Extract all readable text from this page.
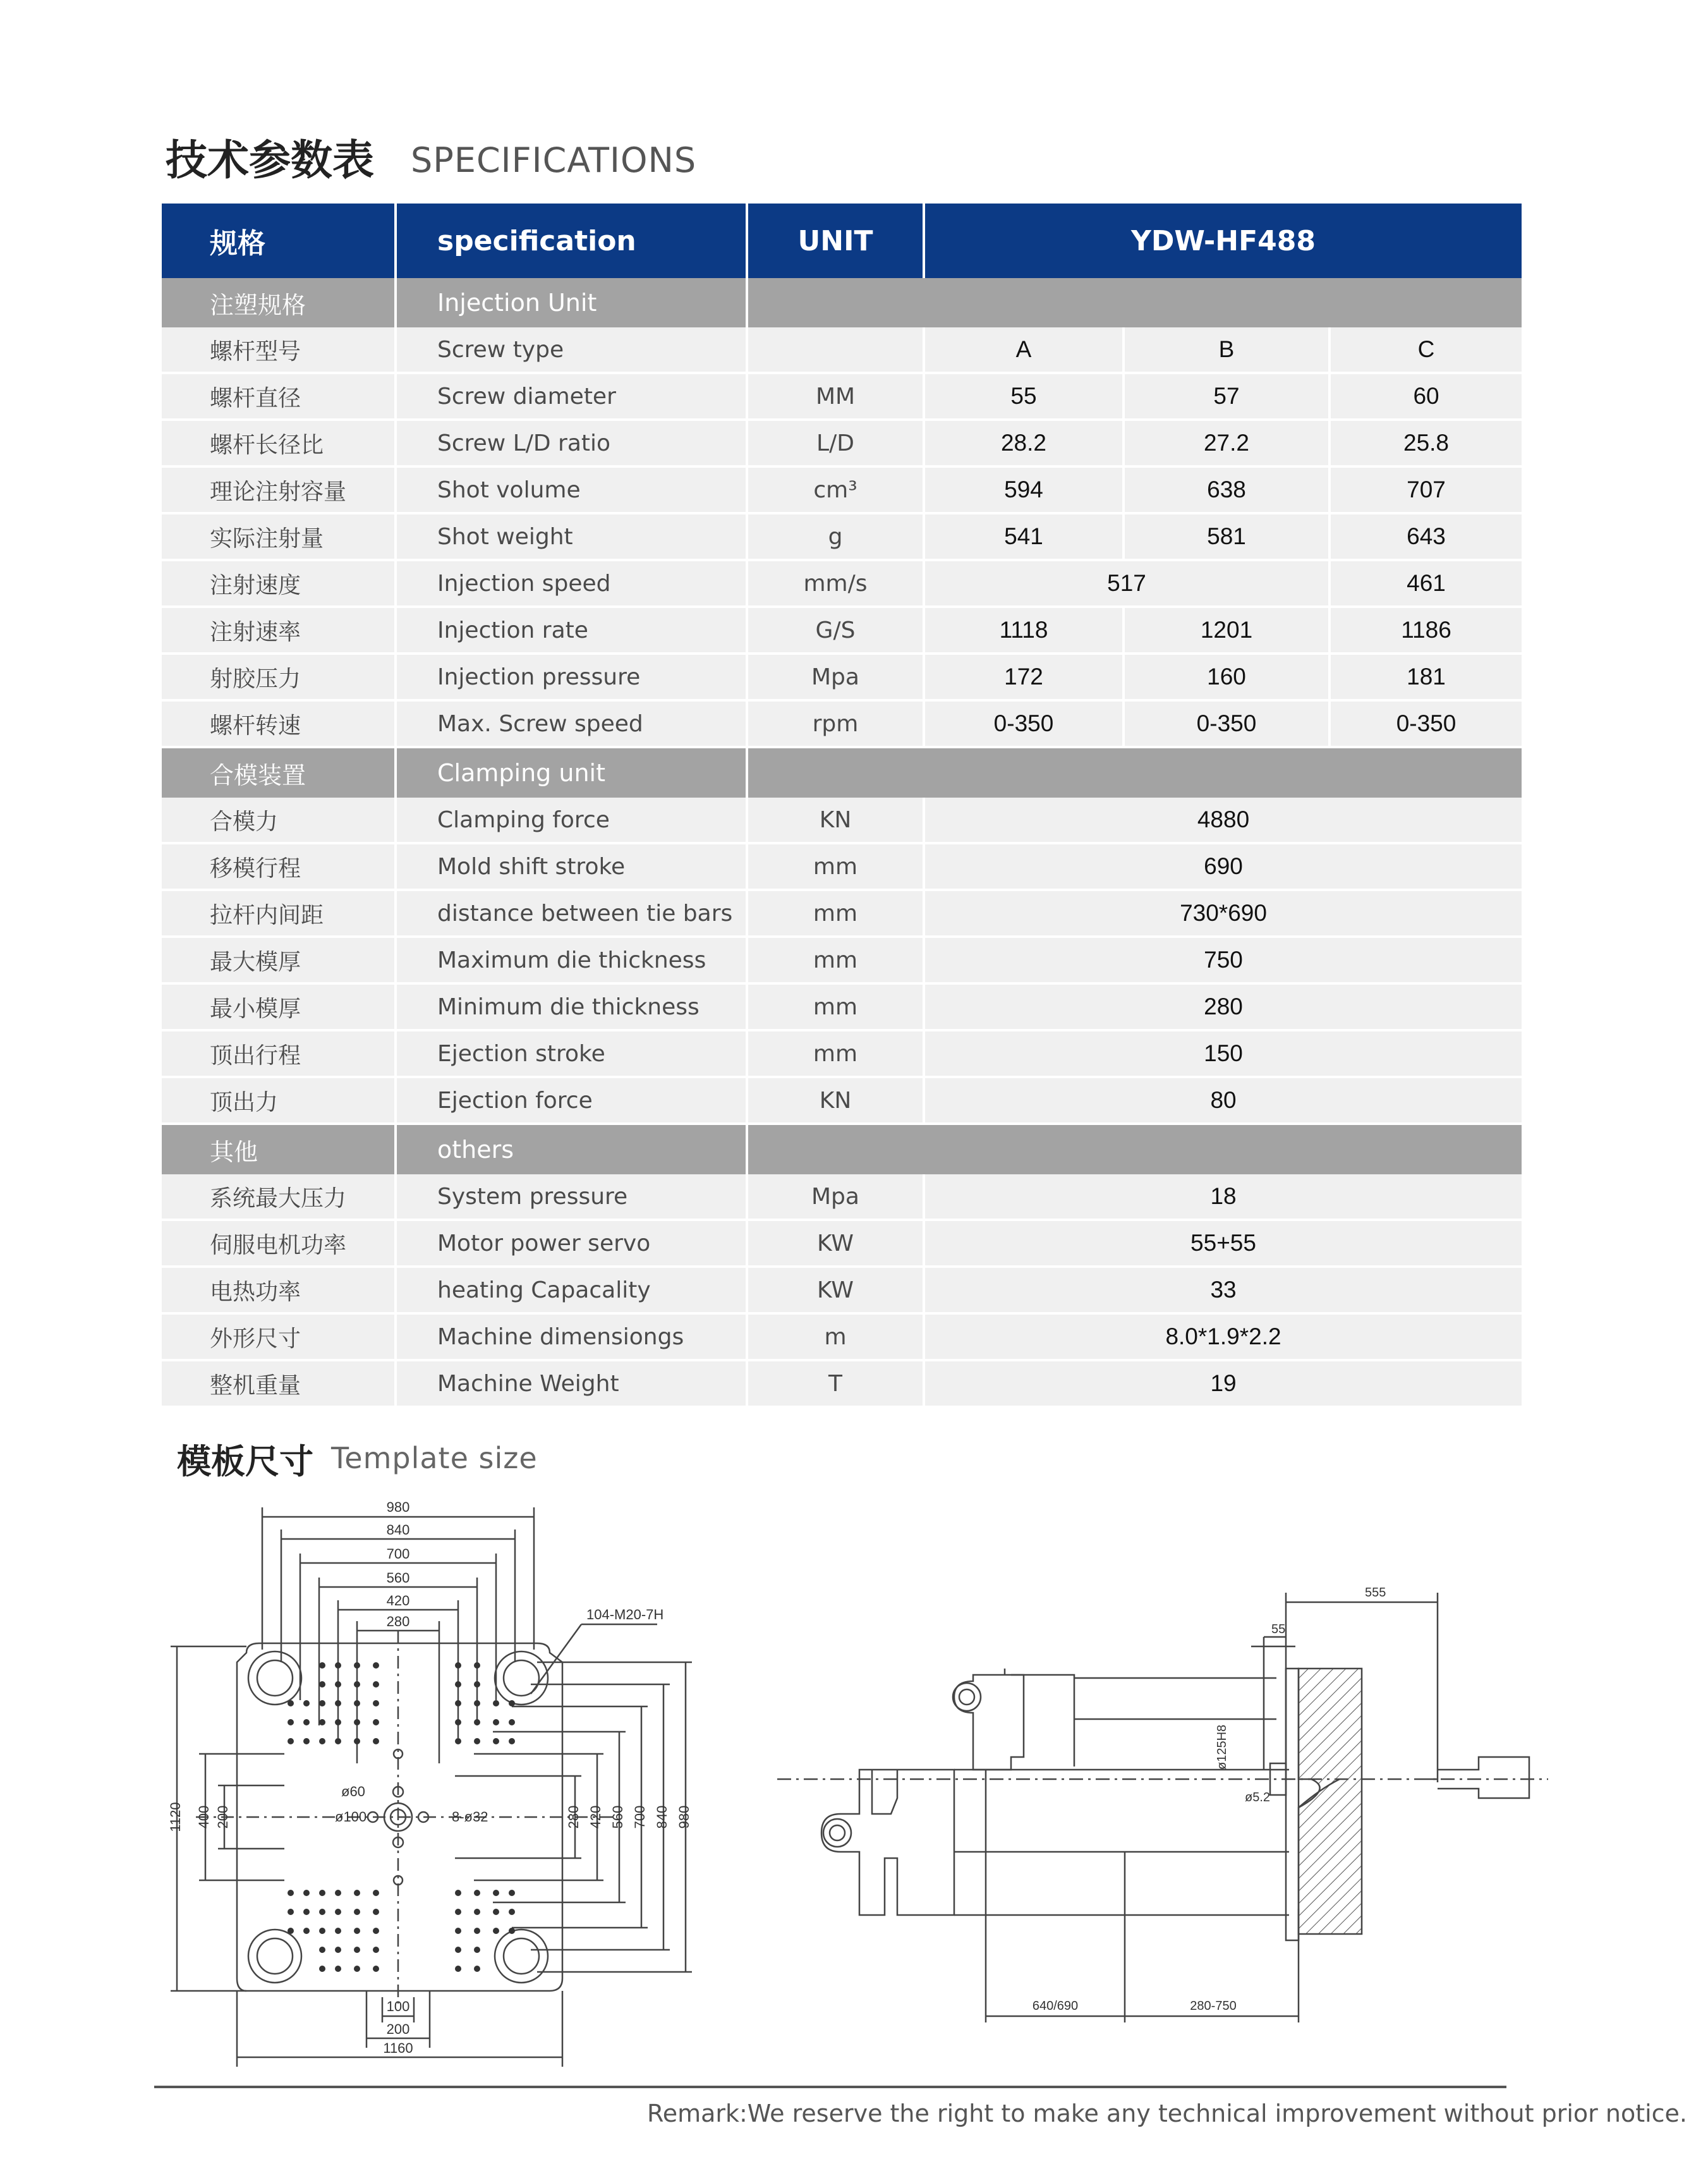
技术参数表 SPECIFICATIONS
规格	specification	UNIT	YDW-HF488		
注塑规格	Injection Unit				
螺杆型号	Screw type		A	B	C
螺杆直径	Screw diameter	MM	55	57	60
螺杆长径比	Screw L/D ratio	L/D	28.2	27.2	25.8
理论注射容量	Shot volume	cm³	594	638	707
实际注射量	Shot weight	g	541	581	643
注射速度	Injection speed	mm/s	517		461
注射速率	Injection rate	G/S	1118	1201	1186
射胶压力	Injection pressure	Mpa	172	160	181
螺杆转速	Max. Screw speed	rpm	0-350	0-350	0-350
合模装置	Clamping unit				
合模力	Clamping force	KN	4880		
移模行程	Mold shift stroke	mm	690		
拉杆内间距	distance between tie bars	mm	730*690		
最大模厚	Maximum die thickness	mm	750		
最小模厚	Minimum die thickness	mm	280		
顶出行程	Ejection stroke	mm	150		
顶出力	Ejection force	KN	80		
其他	others				
系统最大压力	System pressure	Mpa	18		
伺服电机功率	Motor power servo	KW	55+55		
电热功率	heating Capacality	KW	33		
外形尺寸	Machine dimensiongs	m	8.0*1.9*2.2		
整机重量	Machine Weight	T	19		
模板尺寸 Template size
980
840
700
560
420
280	104-M20-7H
1120 400 200	280 420 560 700 840 980
ø60
ø100	8-ø32
100
200
1160
555
55
ø125H8
ø5.2
640/690	280-750
Remark:We reserve the right to make any technical improvement without prior notice.
